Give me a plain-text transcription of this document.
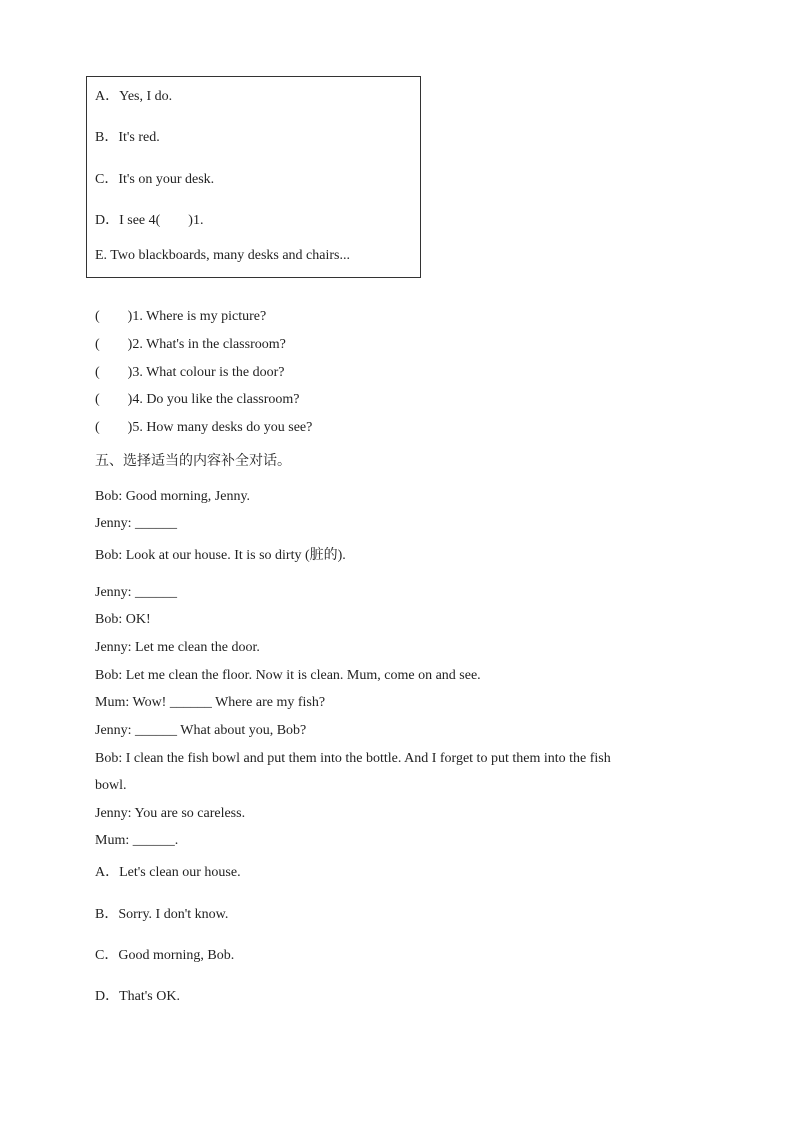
A．Yes, I do.
B．It's red.
C．It's on your desk.
D．I see 4(　　)1.
E. Two blackboards, many desks and chairs...
(　　)1. Where is my picture?
(　　)2. What's in the classroom?
(　　)3. What colour is the door?
(　　)4. Do you like the classroom?
(　　)5. How many desks do you see?
五、选择适当的内容补全对话。
Bob: Good morning, Jenny.
Jenny: ______
Bob: Look at our house. It is so dirty (脏的).
Jenny: ______
Bob: OK!
Jenny: Let me clean the door.
Bob: Let me clean the floor. Now it is clean. Mum, come on and see.
Mum: Wow! ______ Where are my fish?
Jenny: ______ What about you, Bob?
Bob: I clean the fish bowl and put them into the bottle. And I forget to put them into the fish
bowl.
Jenny: You are so careless.
Mum: ______.
A．Let's clean our house.
B．Sorry. I don't know.
C．Good morning, Bob.
D．That's OK.
